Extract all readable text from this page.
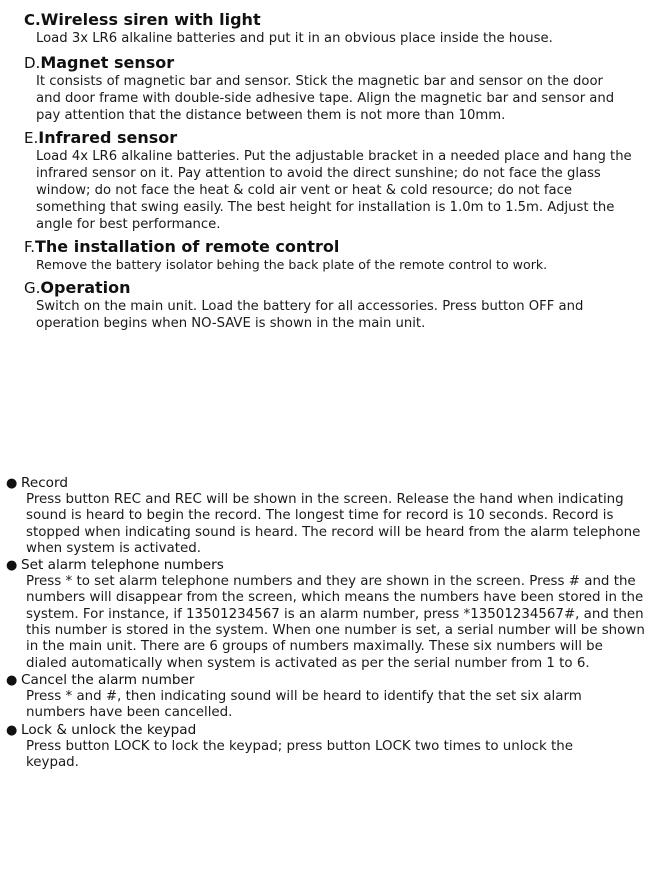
C. Wireless siren with light
Load 3x LR6 alkaline batteries and put it in an obvious place inside the house.
D. Magnet sensor
It consists of magnetic bar and sensor. Stick the magnetic bar and sensor on the door and door frame with double-side adhesive tape. Align the magnetic bar and sensor and pay attention that the distance between them is not more than 10mm.
E. Infrared sensor
Load 4x LR6 alkaline batteries. Put the adjustable bracket in a needed place and hang the infrared sensor on it. Pay attention to avoid the direct sunshine; do not face the glass window; do not face the heat & cold air vent or heat & cold resource; do not face something that swing easily. The best height for installation is 1.0m to 1.5m. Adjust the angle for best performance.
F. The installation of remote control
Remove the battery isolator behing the back plate of the remote control to work.
G. Operation
Switch on the main unit. Load the battery for all accessories. Press button OFF and operation begins when NO-SAVE is shown in the main unit.
● Record
Press button REC and REC will be shown in the screen. Release the hand when indicating sound is heard to begin the record. The longest time for record is 10 seconds. Record is stopped when indicating sound is heard. The record will be heard from the alarm telephone when system is activated.
● Set alarm telephone numbers
Press * to set alarm telephone numbers and they are shown in the screen. Press # and the numbers will disappear from the screen, which means the numbers have been stored in the system. For instance, if 13501234567 is an alarm number, press *13501234567#, and then this number is stored in the system. When one number is set, a serial number will be shown in the main unit. There are 6 groups of numbers maximally. These six numbers will be dialed automatically when system is activated as per the serial number from 1 to 6.
● Cancel the alarm number
Press * and #, then indicating sound will be heard to identify that the set six alarm numbers have been cancelled.
● Lock & unlock the keypad
Press button LOCK to lock the keypad; press button LOCK two times to unlock the keypad.
